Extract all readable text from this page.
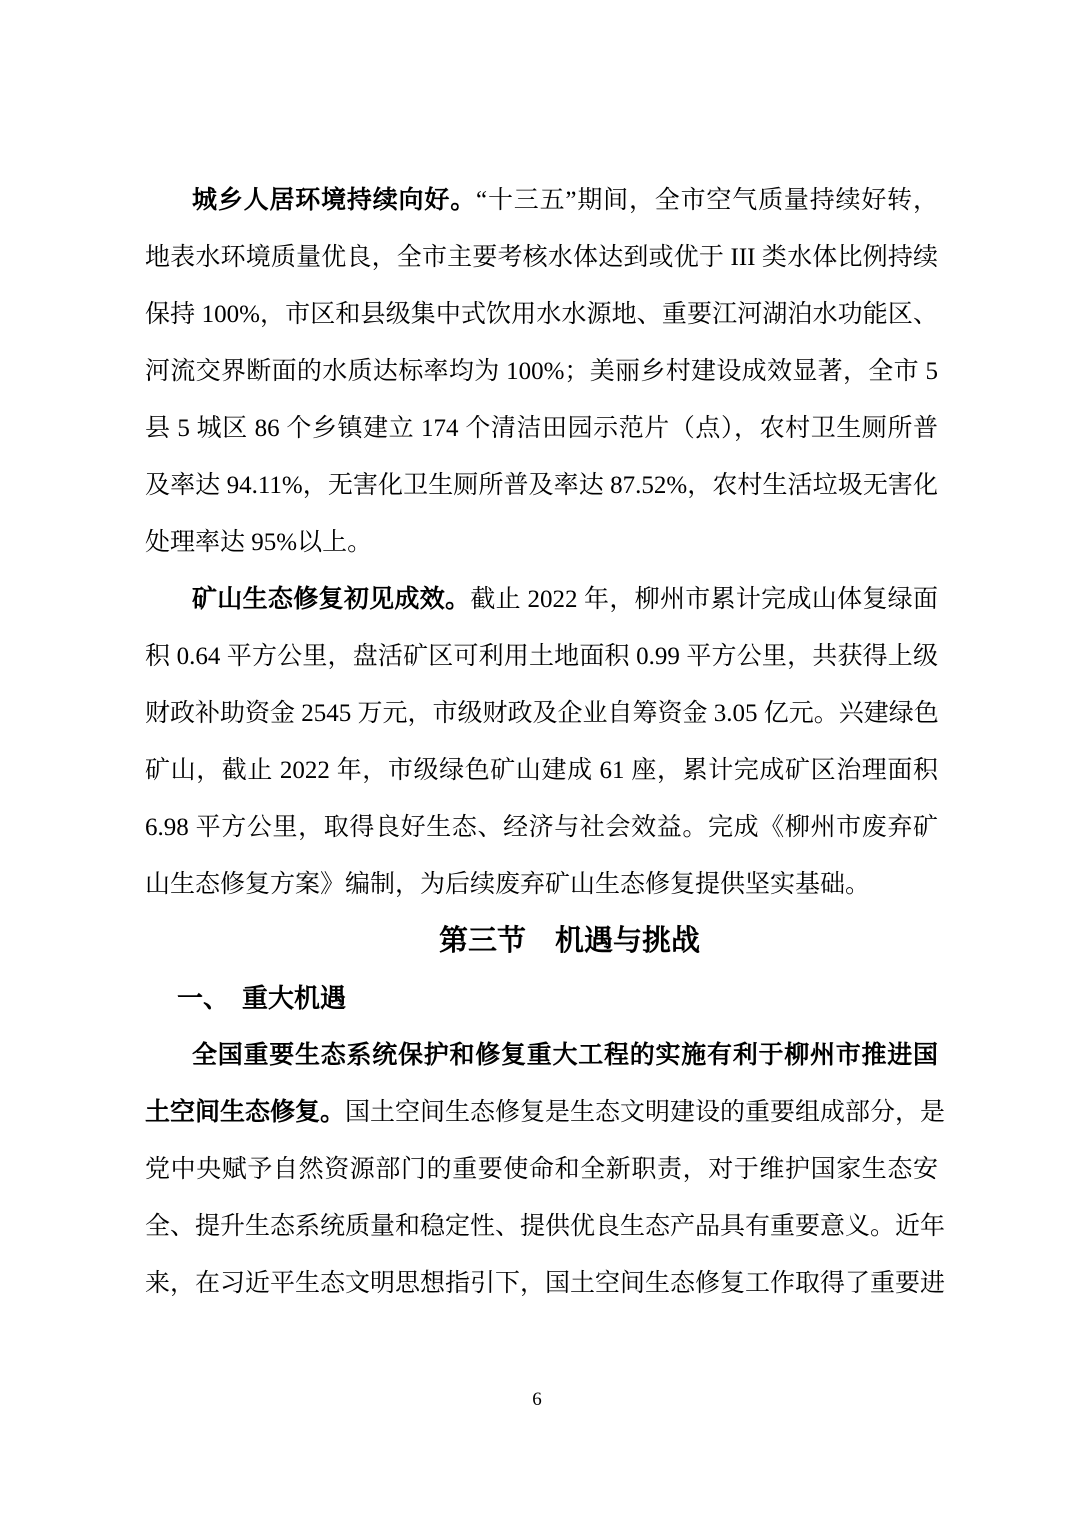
城乡人居环境持续向好。“十三五”期间，全市空气质量持续好转，
地表水环境质量优良，全市主要考核水体达到或优于 III 类水体比例持续
保持 100%，市区和县级集中式饮用水水源地、重要江河湖泊水功能区、
河流交界断面的水质达标率均为 100%；美丽乡村建设成效显著，全市 5
县 5 城区 86 个乡镇建立 174 个清洁田园示范片（点），农村卫生厕所普
及率达 94.11%，无害化卫生厕所普及率达 87.52%，农村生活垃圾无害化
处理率达 95%以上。
矿山生态修复初见成效。截止 2022 年，柳州市累计完成山体复绿面
积 0.64 平方公里，盘活矿区可利用土地面积 0.99 平方公里，共获得上级
财政补助资金 2545 万元，市级财政及企业自筹资金 3.05 亿元。兴建绿色
矿山，截止 2022 年，市级绿色矿山建成 61 座，累计完成矿区治理面积
6.98 平方公里，取得良好生态、经济与社会效益。完成《柳州市废弃矿
山生态修复方案》编制，为后续废弃矿山生态修复提供坚实基础。
第三节　机遇与挑战
一、　重大机遇
全国重要生态系统保护和修复重大工程的实施有利于柳州市推进国
土空间生态修复。国土空间生态修复是生态文明建设的重要组成部分，是
党中央赋予自然资源部门的重要使命和全新职责，对于维护国家生态安
全、提升生态系统质量和稳定性、提供优良生态产品具有重要意义。近年
来，在习近平生态文明思想指引下，国土空间生态修复工作取得了重要进
6
